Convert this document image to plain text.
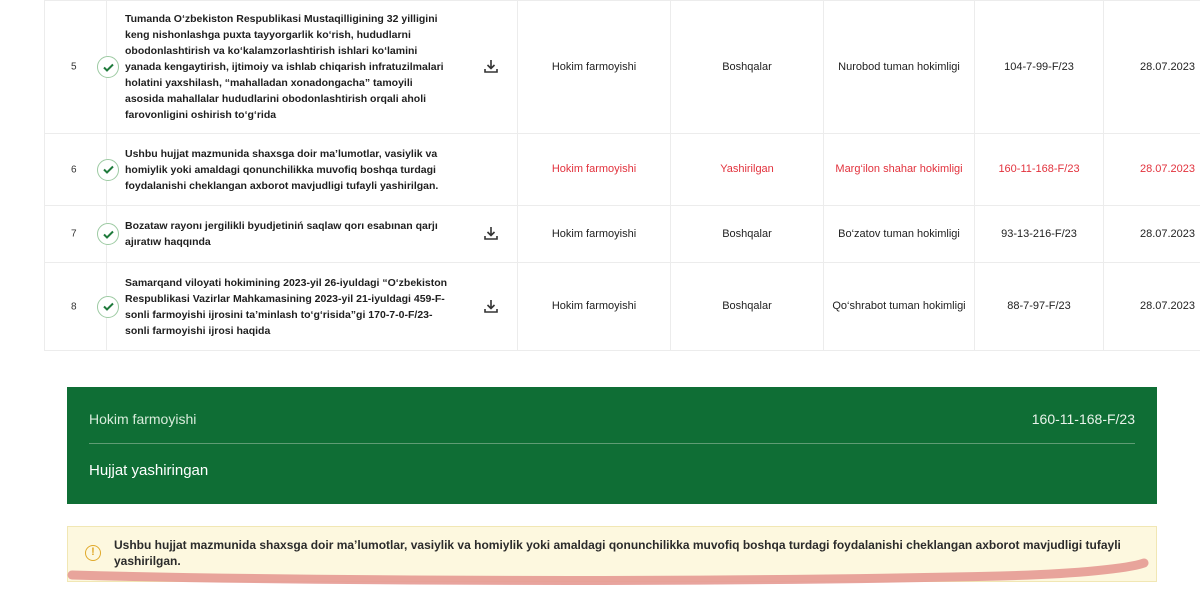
5	Tumanda O‘zbekiston Respublikasi Mustaqilligining 32 yilligini keng nishonlashga puxta tayyorgarlik ko‘rish, hududlarni obodonlashtirish va ko‘kalamzorlashtirish ishlari ko‘lamini yanada kengaytirish, ijtimoiy va ishlab chiqarish infratuzilmalari holatini yaxshilash, “mahalladan xonadongacha” tamoyili asosida mahallalar hududlarini obodonlashtirish orqali aholi farovonligini oshirish to‘g‘rida	Hokim farmoyishi	Boshqalar	Nurobod tuman hokimligi	104-7-99-F/23	28.07.2023

6	Ushbu hujjat mazmunida shaxsga doir ma’lumotlar, vasiylik va homiylik yoki amaldagi qonunchilikka muvofiq boshqa turdagi foydalanishi cheklangan axborot mavjudligi tufayli yashirilgan.	Hokim farmoyishi	Yashirilgan	Marg‘ilon shahar hokimligi	160-11-168-F/23	28.07.2023

7	Bozataw rayonı jergilikli byudjetiniń saqlaw qorı esabınan qarjı ajıratıw haqqında	Hokim farmoyishi	Boshqalar	Bo‘zatov tuman hokimligi	93-13-216-F/23	28.07.2023

8	Samarqand viloyati hokimining 2023-yil 26-iyuldagi “O‘zbekiston Respublikasi Vazirlar Mahkamasining 2023-yil 21-iyuldagi 459-F-sonli farmoyishi ijrosini ta’minlash to‘g‘risida”gi 170-7-0-F/23-sonli farmoyishi ijrosi haqida	Hokim farmoyishi	Boshqalar	Qo‘shrabot tuman hokimligi	88-7-97-F/23	28.07.2023
Hokim farmoyishi	160-11-168-F/23
Hujjat yashiringan
!	Ushbu hujjat mazmunida shaxsga doir ma’lumotlar, vasiylik va homiylik yoki amaldagi qonunchilikka muvofiq boshqa turdagi foydalanishi cheklangan axborot mavjudligi tufayli yashirilgan.
